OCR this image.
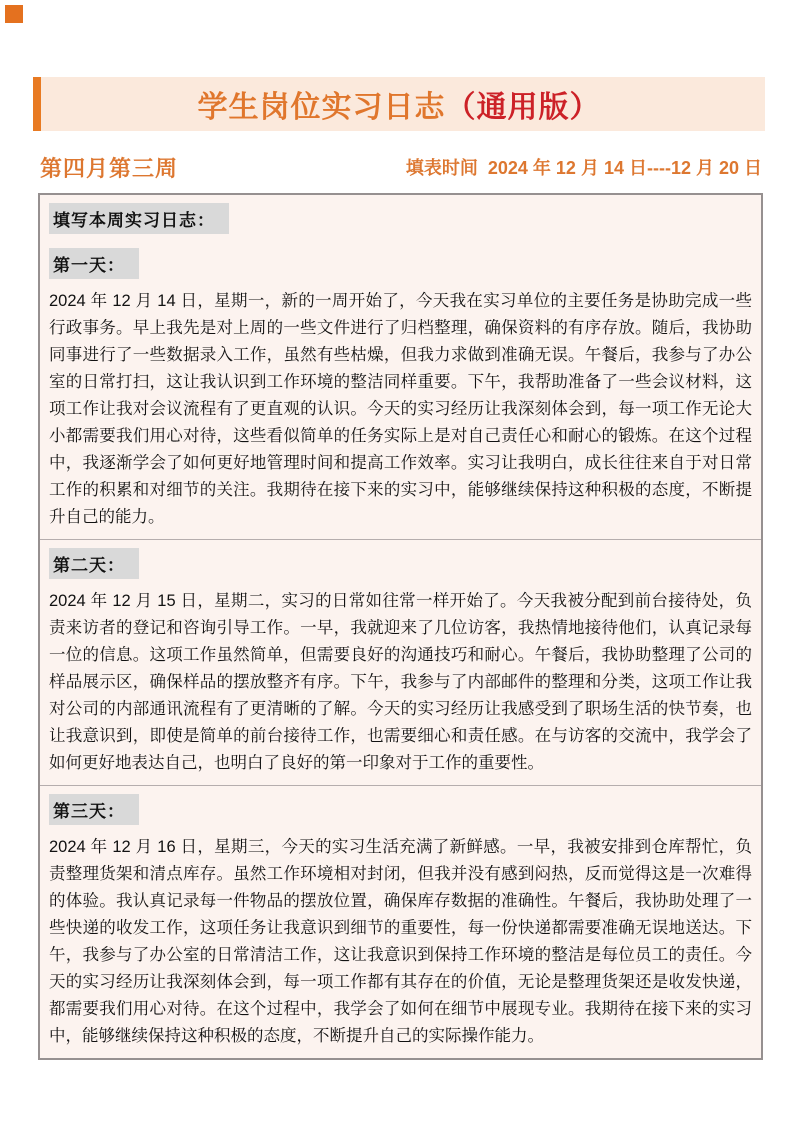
学生岗位实习日志（通用版）
第四月第三周	填表时间 2024 年 12 月 14 日----12 月 20 日
填写本周实习日志：
第一天：
2024 年 12 月 14 日，星期一，新的一周开始了，今天我在实习单位的主要任务是协助完成一些行政事务。早上我先是对上周的一些文件进行了归档整理，确保资料的有序存放。随后，我协助同事进行了一些数据录入工作，虽然有些枯燥，但我力求做到准确无误。午餐后，我参与了办公室的日常打扫，这让我认识到工作环境的整洁同样重要。下午，我帮助准备了一些会议材料，这项工作让我对会议流程有了更直观的认识。今天的实习经历让我深刻体会到，每一项工作无论大小都需要我们用心对待，这些看似简单的任务实际上是对自己责任心和耐心的锻炼。在这个过程中，我逐渐学会了如何更好地管理时间和提高工作效率。实习让我明白，成长往往来自于对日常工作的积累和对细节的关注。我期待在接下来的实习中，能够继续保持这种积极的态度，不断提升自己的能力。
第二天：
2024 年 12 月 15 日，星期二，实习的日常如往常一样开始了。今天我被分配到前台接待处，负责来访者的登记和咨询引导工作。一早，我就迎来了几位访客，我热情地接待他们，认真记录每一位的信息。这项工作虽然简单，但需要良好的沟通技巧和耐心。午餐后，我协助整理了公司的样品展示区，确保样品的摆放整齐有序。下午，我参与了内部邮件的整理和分类，这项工作让我对公司的内部通讯流程有了更清晰的了解。今天的实习经历让我感受到了职场生活的快节奏，也让我意识到，即使是简单的前台接待工作，也需要细心和责任感。在与访客的交流中，我学会了如何更好地表达自己，也明白了良好的第一印象对于工作的重要性。
第三天：
2024 年 12 月 16 日，星期三，今天的实习生活充满了新鲜感。一早，我被安排到仓库帮忙，负责整理货架和清点库存。虽然工作环境相对封闭，但我并没有感到闷热，反而觉得这是一次难得的体验。我认真记录每一件物品的摆放位置，确保库存数据的准确性。午餐后，我协助处理了一些快递的收发工作，这项任务让我意识到细节的重要性，每一份快递都需要准确无误地送达。下午，我参与了办公室的日常清洁工作，这让我意识到保持工作环境的整洁是每位员工的责任。今天的实习经历让我深刻体会到，每一项工作都有其存在的价值，无论是整理货架还是收发快递，都需要我们用心对待。在这个过程中，我学会了如何在细节中展现专业。我期待在接下来的实习中，能够继续保持这种积极的态度，不断提升自己的实际操作能力。
